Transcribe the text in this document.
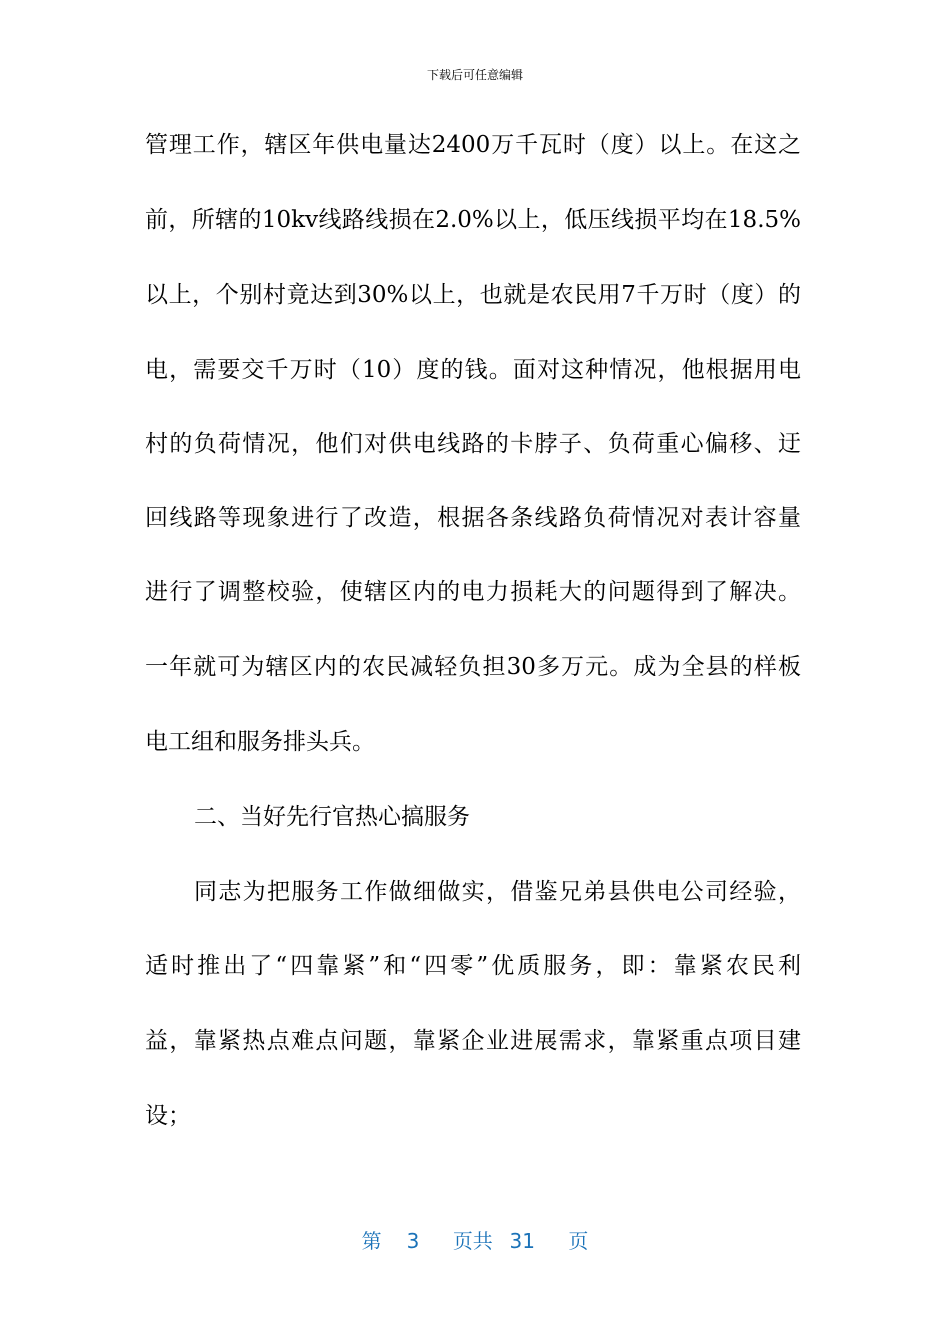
下载后可任意编辑
管理工作，辖区年供电量达2400万千瓦时（度）以上。在这之
前，所辖的10kv线路线损在2.0%以上，低压线损平均在18.5%
以上，个别村竟达到30%以上，也就是农民用7千万时（度）的
电，需要交千万时（10）度的钱。面对这种情况，他根据用电
村的负荷情况，他们对供电线路的卡脖子、负荷重心偏移、迂
回线路等现象进行了改造，根据各条线路负荷情况对表计容量
进行了调整校验，使辖区内的电力损耗大的问题得到了解决。
一年就可为辖区内的农民减轻负担30多万元。成为全县的样板
电工组和服务排头兵。
二、当好先行官热心搞服务
同志为把服务工作做细做实，借鉴兄弟县供电公司经验，
适时推出了“四靠紧”和“四零”优质服务，即：靠紧农民利
益，靠紧热点难点问题，靠紧企业进展需求，靠紧重点项目建
设；
第 3 页共 31 页
